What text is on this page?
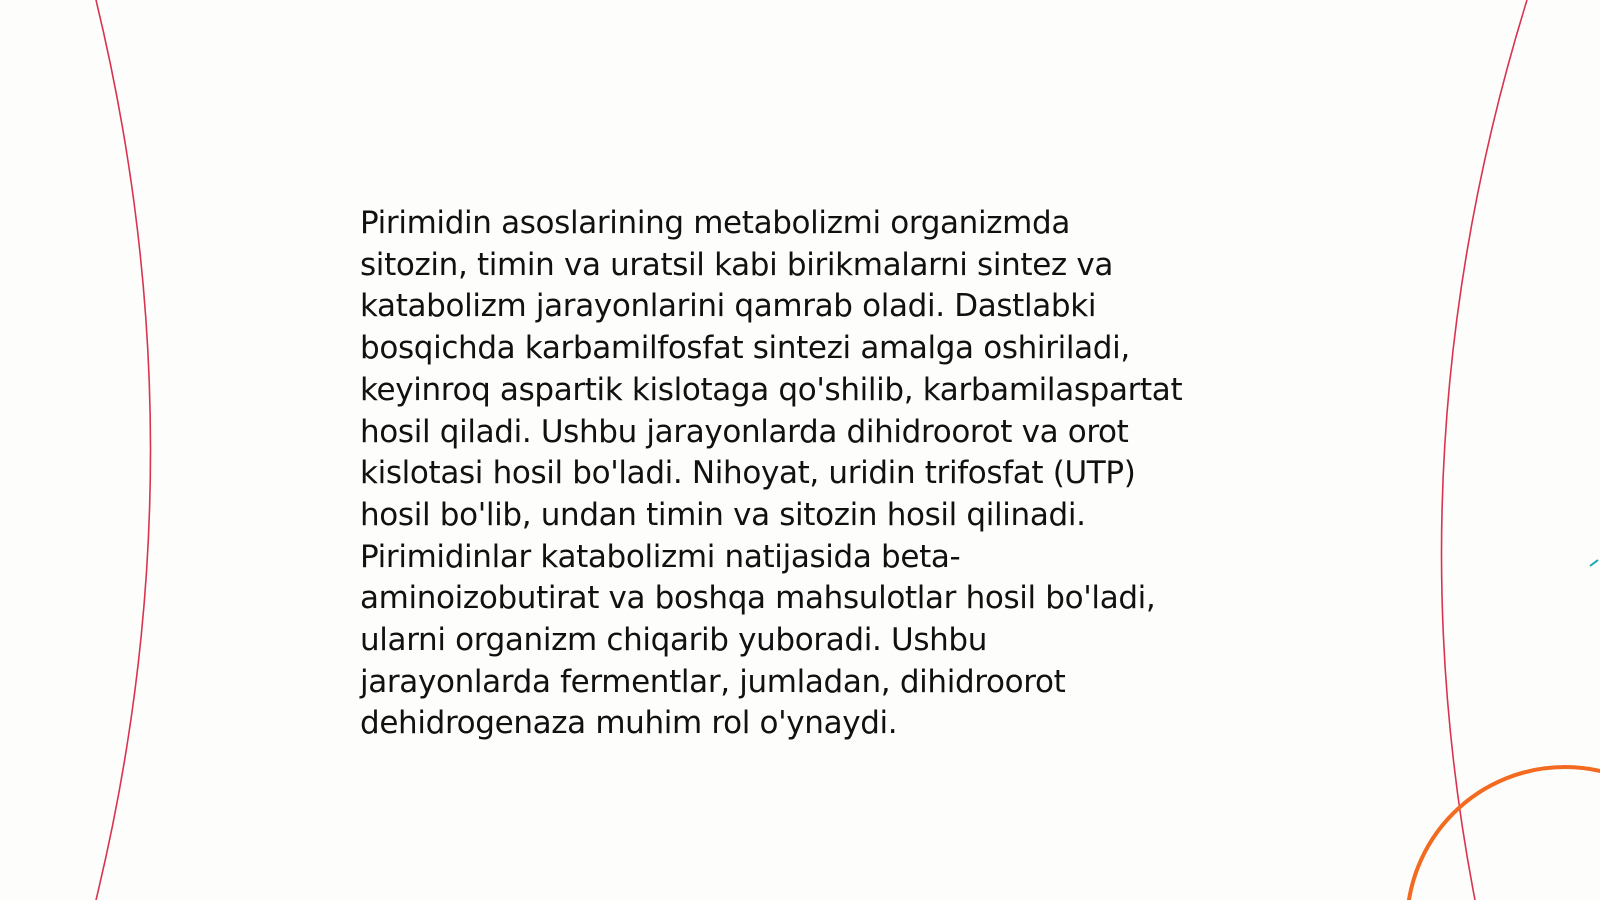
Pirimidin asoslarining metabolizmi organizmda
sitozin, timin va uratsil kabi birikmalarni sintez va
katabolizm jarayonlarini qamrab oladi. Dastlabki
bosqichda karbamilfosfat sintezi amalga oshiriladi,
keyinroq aspartik kislotaga qo'shilib, karbamilaspartat
hosil qiladi. Ushbu jarayonlarda dihidroorot va orot
kislotasi hosil bo'ladi. Nihoyat, uridin trifosfat (UTP)
hosil bo'lib, undan timin va sitozin hosil qilinadi.
Pirimidinlar katabolizmi natijasida beta-
aminoizobutirat va boshqa mahsulotlar hosil bo'ladi,
ularni organizm chiqarib yuboradi. Ushbu
jarayonlarda fermentlar, jumladan, dihidroorot
dehidrogenaza muhim rol o'ynaydi.
